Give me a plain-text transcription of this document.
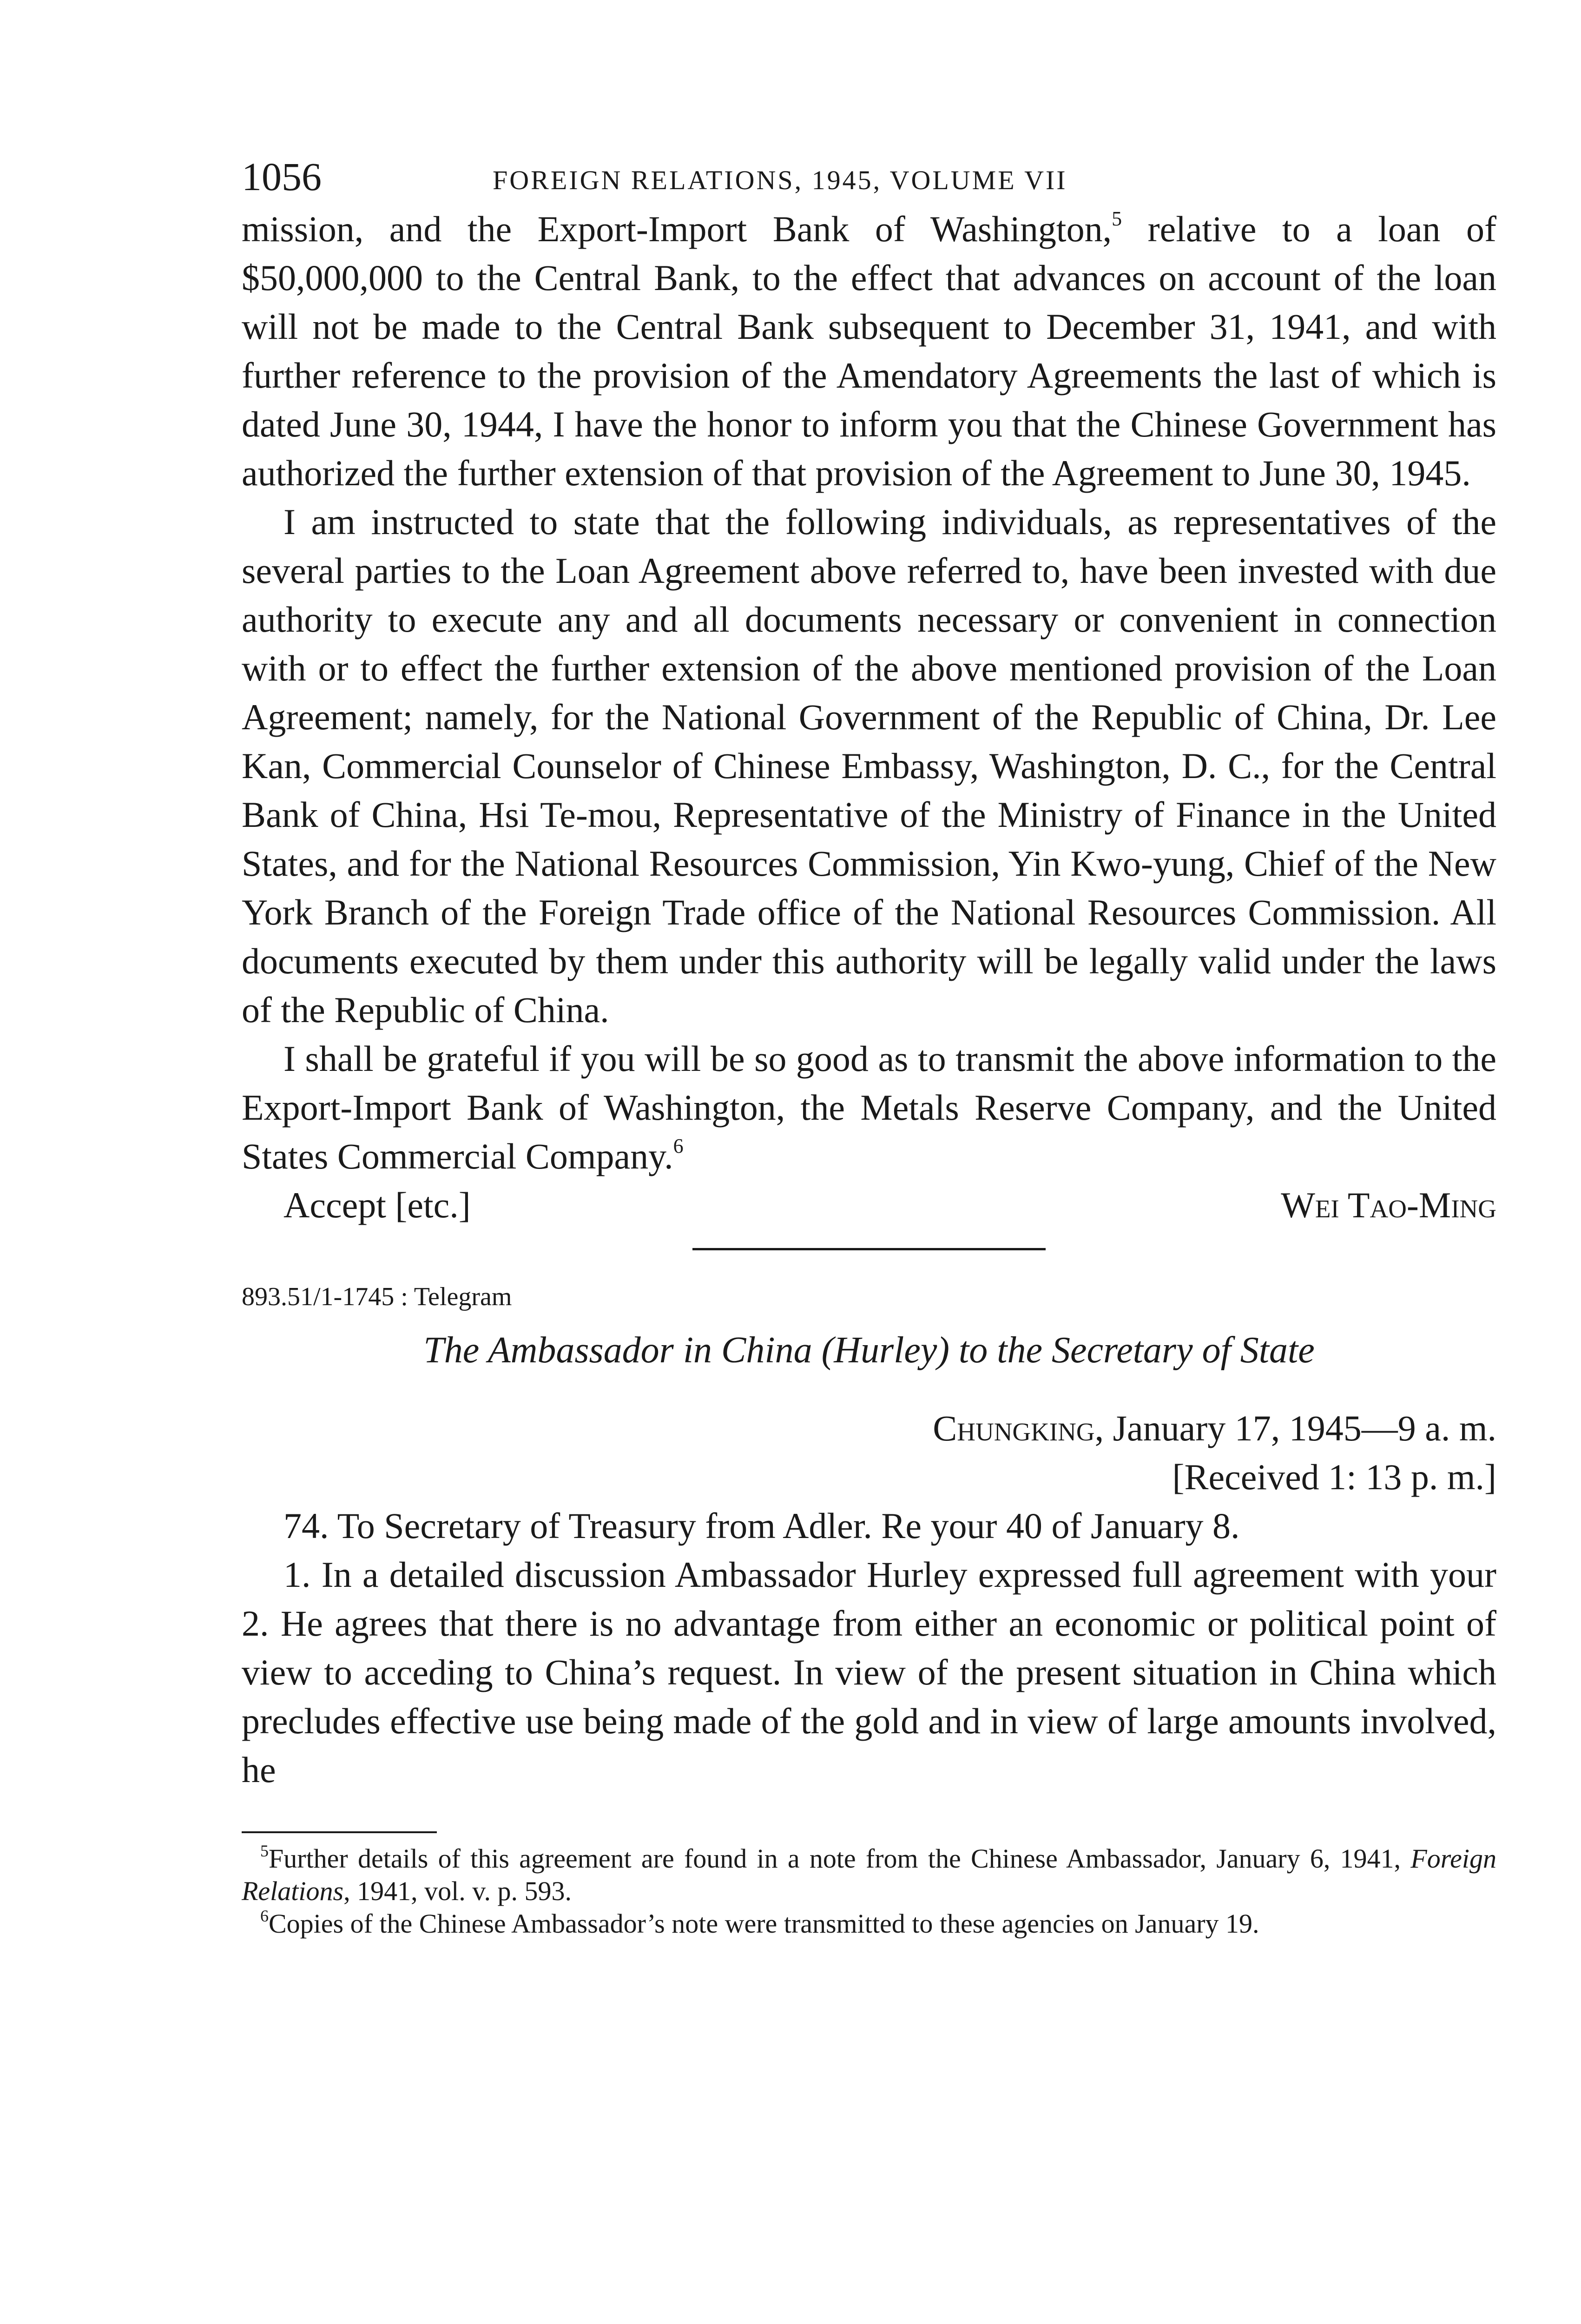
1056	FOREIGN RELATIONS, 1945, VOLUME VII

mission, and the Export-Import Bank of Washington,$^5$ relative to a loan of $50,000,000 to the Central Bank, to the effect that advances on account of the loan will not be made to the Central Bank subsequent to December 31, 1941, and with further reference to the provision of the Amendatory Agreements the last of which is dated June 30, 1944, I have the honor to inform you that the Chinese Government has authorized the further extension of that provision of the Agreement to June 30, 1945.

I am instructed to state that the following individuals, as representatives of the several parties to the Loan Agreement above referred to, have been invested with due authority to execute any and all documents necessary or convenient in connection with or to effect the further extension of the above mentioned provision of the Loan Agreement; namely, for the National Government of the Republic of China, Dr. Lee Kan, Commercial Counselor of Chinese Embassy, Washington, D. C., for the Central Bank of China, Hsi Te-mou, Representative of the Ministry of Finance in the United States, and for the National Resources Commission, Yin Kwo-yung, Chief of the New York Branch of the Foreign Trade office of the National Resources Commission. All documents executed by them under this authority will be legally valid under the laws of the Republic of China.

I shall be grateful if you will be so good as to transmit the above information to the Export-Import Bank of Washington, the Metals Reserve Company, and the United States Commercial Company.$^6$

Accept [etc.]	Wei Tao-Ming

893.51/1-1745 : Telegram

The Ambassador in China (Hurley) to the Secretary of State

Chungking, January 17, 1945—9 a. m.

[Received 1: 13 p. m.]

74. To Secretary of Treasury from Adler. Re your 40 of January 8.

1. In a detailed discussion Ambassador Hurley expressed full agreement with your 2. He agrees that there is no advantage from either an economic or political point of view to acceding to China’s request. In view of the present situation in China which precludes effective use being made of the gold and in view of large amounts involved, he

$^5$Further details of this agreement are found in a note from the Chinese Ambassador, January 6, 1941, Foreign Relations, 1941, vol. v. p. 593.

$^6$Copies of the Chinese Ambassador’s note were transmitted to these agencies on January 19.
